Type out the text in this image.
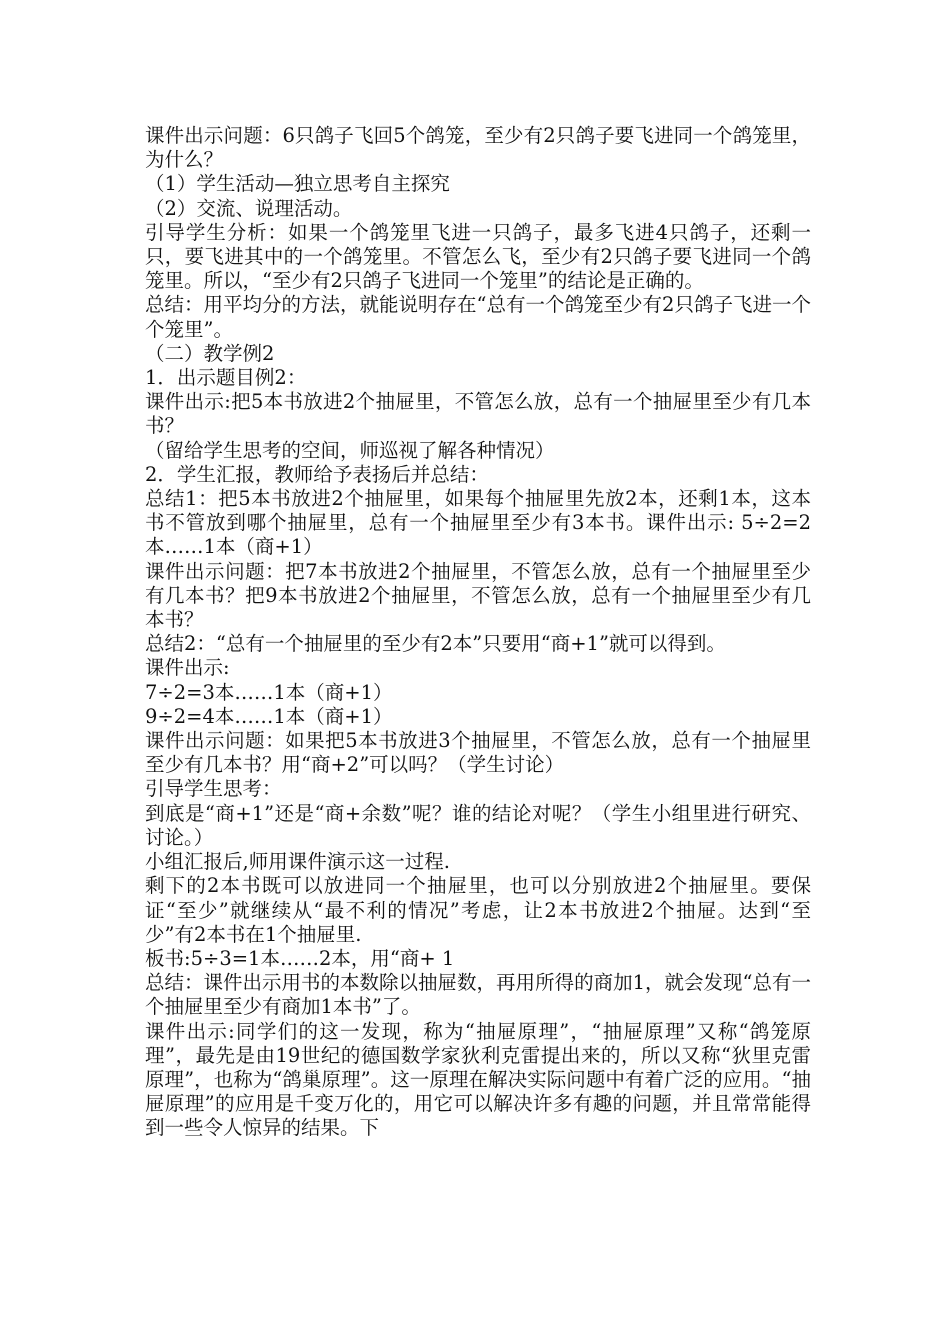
课件出示问题：6只鸽子飞回5个鸽笼，至少有2只鸽子要飞进同一个鸽笼里，为什么？

（1）学生活动—独立思考自主探究

（2）交流、说理活动。

引导学生分析：如果一个鸽笼里飞进一只鸽子，最多飞进4只鸽子，还剩一只，要飞进其中的一个鸽笼里。不管怎么飞，至少有2只鸽子要飞进同一个鸽笼里。所以，“至少有2只鸽子飞进同一个笼里”的结论是正确的。

总结：用平均分的方法，就能说明存在“总有一个鸽笼至少有2只鸽子飞进一个个笼里”。

（二）教学例2

1．出示题目例2：

课件出示:把5本书放进2个抽屉里，不管怎么放，总有一个抽屉里至少有几本书？

（留给学生思考的空间，师巡视了解各种情况）

2．学生汇报，教师给予表扬后并总结：

总结1：把5本书放进2个抽屉里，如果每个抽屉里先放2本，还剩1本，这本书不管放到哪个抽屉里，总有一个抽屉里至少有3本书。课件出示: 5÷2=2本……1本（商+1）

课件出示问题：把7本书放进2个抽屉里，不管怎么放，总有一个抽屉里至少有几本书？把9本书放进2个抽屉里，不管怎么放，总有一个抽屉里至少有几本书？

总结2：“总有一个抽屉里的至少有2本”只要用“商+1”就可以得到。

课件出示:

7÷2=3本……1本（商+1）

9÷2=4本……1本（商+1）

课件出示问题：如果把5本书放进3个抽屉里，不管怎么放，总有一个抽屉里至少有几本书？用“商+2”可以吗？（学生讨论）

引导学生思考：

到底是“商+1”还是“商+余数”呢？谁的结论对呢？（学生小组里进行研究、讨论。）

小组汇报后,师用课件演示这一过程.

剩下的2本书既可以放进同一个抽屉里，也可以分别放进2个抽屉里。要保证“至少”就继续从“最不利的情况”考虑，让2本书放进2个抽屉。达到“至少”有2本书在1个抽屉里.

板书:5÷3=1本……2本，用“商+ 1

总结：课件出示用书的本数除以抽屉数，再用所得的商加1，就会发现“总有一个抽屉里至少有商加1本书”了。

课件出示:同学们的这一发现，称为“抽屉原理”，“抽屉原理”又称“鸽笼原理”，最先是由19世纪的德国数学家狄利克雷提出来的，所以又称“狄里克雷原理”，也称为“鸽巢原理”。这一原理在解决实际问题中有着广泛的应用。“抽屉原理”的应用是千变万化的，用它可以解决许多有趣的问题，并且常常能得到一些令人惊异的结果。下
